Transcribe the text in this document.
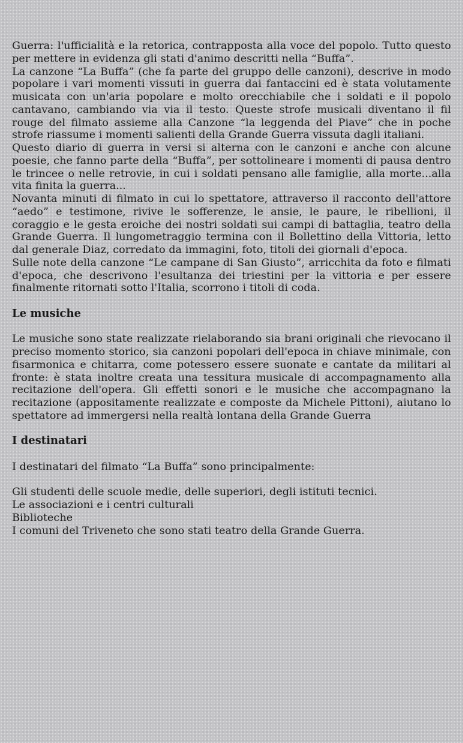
Guerra: l'ufficialità e la retorica, contrapposta alla voce del popolo. Tutto questo per mettere in evidenza gli stati d'animo descritti nella “Buffa”.

La canzone “La Buffa” (che fa parte del gruppo delle canzoni), descrive in modo popolare i vari momenti vissuti in guerra dai fantaccini ed è stata volutamente musicata con un'aria popolare e molto orecchiabile che i soldati e il popolo cantavano, cambiando via via il testo. Queste strofe musicali diventano il fil rouge del filmato assieme alla Canzone “la leggenda del Piave” che in poche strofe riassume i momenti salienti della Grande Guerra vissuta dagli italiani.

Questo diario di guerra in versi si alterna con le canzoni e anche con alcune poesie, che fanno parte della “Buffa”, per sottolineare i momenti di pausa dentro le trincee o nelle retrovie, in cui i soldati pensano alle famiglie, alla morte...alla vita finita la guerra...

Novanta minuti di filmato in cui lo spettatore, attraverso il racconto dell'attore “aedo” e testimone, rivive le sofferenze, le ansie, le paure, le ribellioni, il coraggio e le gesta eroiche dei nostri soldati sui campi di battaglia, teatro della Grande Guerra. Il lungometraggio termina con il Bollettino della Vittoria, letto dal generale Diaz, corredato da immagini, foto, titoli dei giornali d'epoca.

Sulle note della canzone “Le campane di San Giusto”, arricchita da foto e filmati d'epoca, che descrivono l'esultanza dei triestini per la vittoria e per essere finalmente ritornati sotto l'Italia, scorrono i titoli di coda.

Le musiche

Le musiche sono state realizzate rielaborando sia brani originali che rievocano il preciso momento storico, sia canzoni popolari dell'epoca in chiave minimale, con fisarmonica e chitarra, come potessero essere suonate e cantate da militari al fronte: è stata inoltre creata una tessitura musicale di accompagnamento alla recitazione dell'opera. Gli effetti sonori e le musiche che accompagnano la recitazione (appositamente realizzate e composte da Michele Pittoni), aiutano lo spettatore ad immergersi nella realtà lontana della Grande Guerra

I destinatari

I destinatari del filmato “La Buffa” sono principalmente:

Gli studenti delle scuole medie, delle superiori, degli istituti tecnici.

Le associazioni e i centri culturali

Biblioteche

I comuni del Triveneto che sono stati teatro della Grande Guerra.
